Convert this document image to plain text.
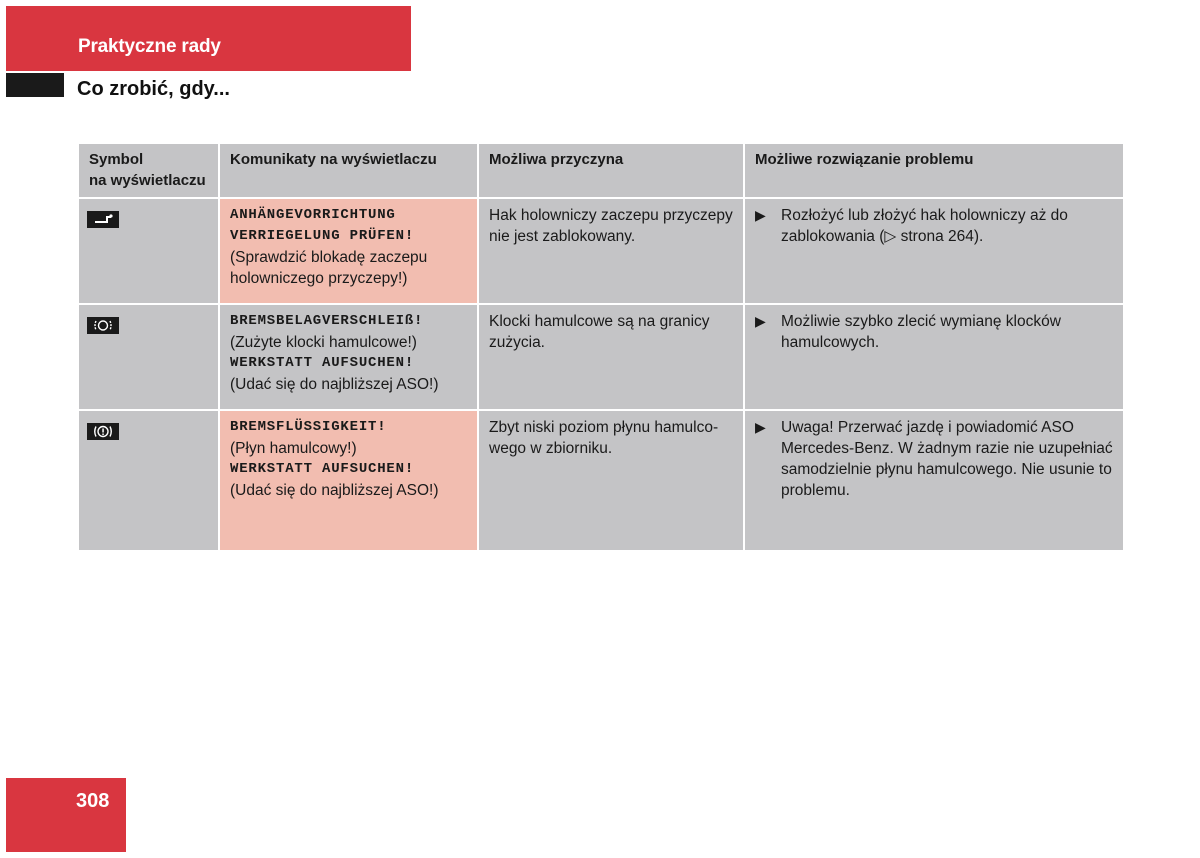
Praktyczne rady
Co zrobić, gdy...
Symbol
na wyświetlaczu	Komunikaty na wyświetlaczu	Możliwa przyczyna	Możliwe rozwiązanie problemu

ANHÄNGEVORRICHTUNG
VERRIEGELUNG PRÜFEN!
(Sprawdzić blokadę zaczepu holowniczego przyczepy!)	Hak holowniczy zaczepu przyczepy nie jest zablokowany.	▶ Rozłożyć lub złożyć hak holowniczy aż do zablokowania (▷ strona 264).

BREMSBELAGVERSCHLEIß!
(Zużyte klocki hamulcowe!)
WERKSTATT AUFSUCHEN!
(Udać się do najbliższej ASO!)	Klocki hamulcowe są na granicy zużycia.	▶ Możliwie szybko zlecić wymianę klocków hamulcowych.

BREMSFLÜSSIGKEIT!
(Płyn hamulcowy!)
WERKSTATT AUFSUCHEN!
(Udać się do najbliższej ASO!)	Zbyt niski poziom płynu hamulco-wego w zbiorniku.	▶ Uwaga! Przerwać jazdę i powiadomić ASO Mercedes-Benz. W żadnym razie nie uzupełniać samodzielnie płynu hamulcowego. Nie usunie to problemu.
308
